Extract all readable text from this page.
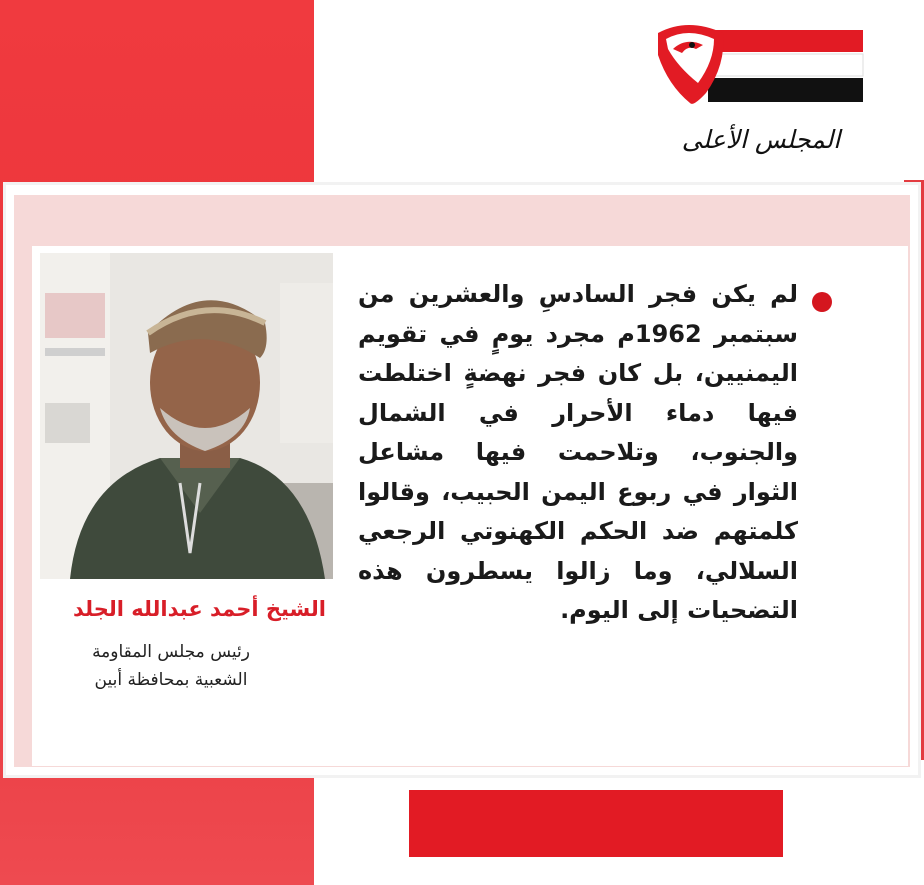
المجلس الأعلى
الشيخ أحمد عبدالله الجلد
رئيس مجلس المقاومة
الشعبية بمحافظة أبين
لم يكن فجر السادسِ والعشرين من سبتمبر 1962م مجرد يومٍ في تقويم اليمنيين، بل كان فجر نهضةٍ اختلطت فيها دماء الأحرار في الشمال والجنوب، وتلاحمت فيها مشاعل الثوار في ربوع اليمن الحبيب، وقالوا كلمتهم ضد الحكم الكهنوتي الرجعي السلالي، وما زالوا يسطرون هذه التضحيات إلى اليوم.
